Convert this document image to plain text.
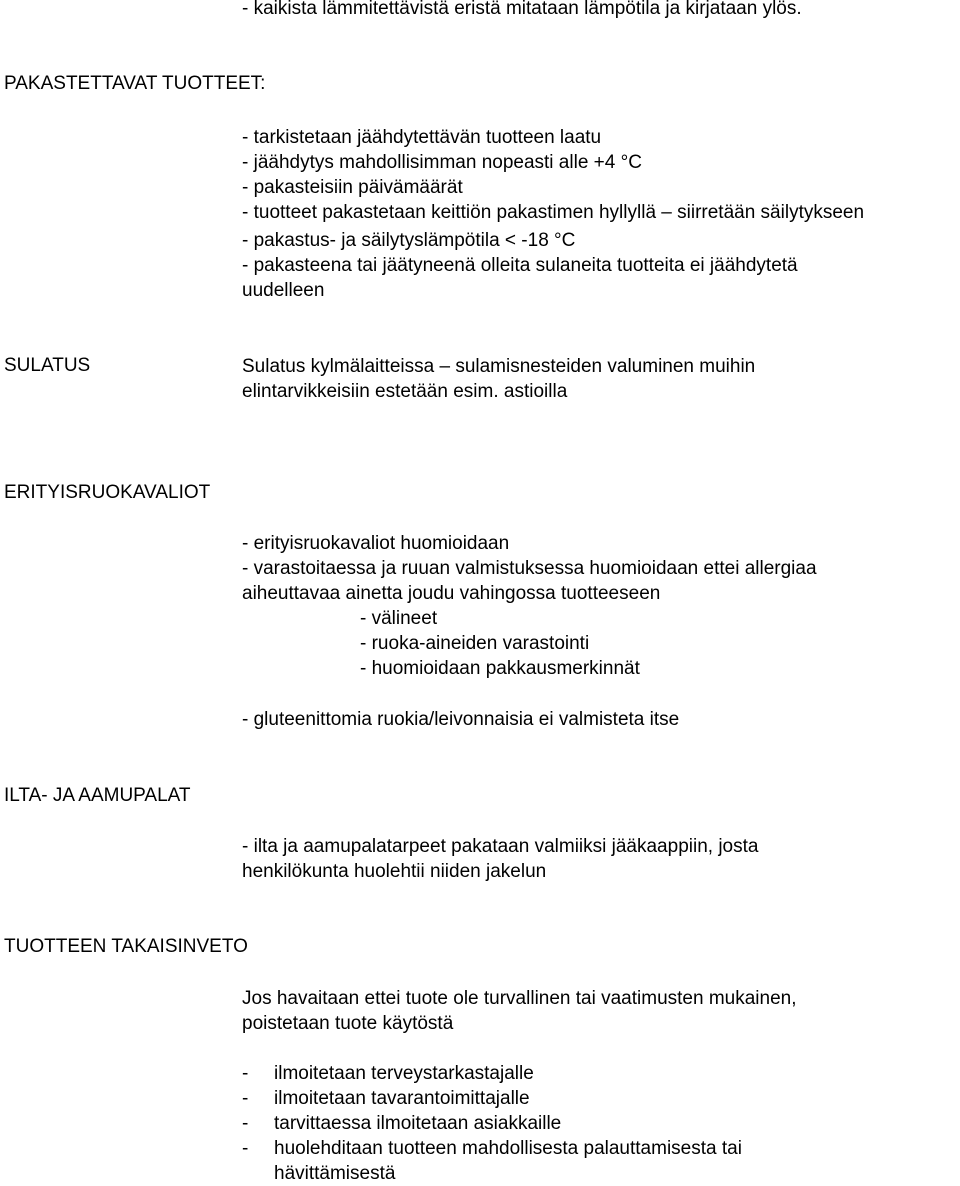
- kaikista lämmitettävistä eristä mitataan lämpötila ja kirjataan ylös.
PAKASTETTAVAT TUOTTEET:
- tarkistetaan jäähdytettävän tuotteen laatu
- jäähdytys mahdollisimman nopeasti alle +4 °C
- pakasteisiin päivämäärät
- tuotteet pakastetaan keittiön pakastimen hyllyllä – siirretään säilytykseen
- pakastus- ja säilytyslämpötila < -18 °C
- pakasteena tai jäätyneenä olleita sulaneita tuotteita ei jäähdytetä
uudelleen
SULATUS	Sulatus kylmälaitteissa – sulamisnesteiden valuminen muihin
elintarvikkeisiin estetään esim. astioilla
ERITYISRUOKAVALIOT
- erityisruokavaliot huomioidaan
- varastoitaessa ja ruuan valmistuksessa huomioidaan ettei allergiaa
aiheuttavaa ainetta joudu vahingossa tuotteeseen
- välineet
- ruoka-aineiden varastointi
- huomioidaan pakkausmerkinnät
- gluteenittomia ruokia/leivonnaisia ei valmisteta itse
ILTA- JA AAMUPALAT
- ilta ja aamupalatarpeet pakataan valmiiksi jääkaappiin, josta
henkilökunta huolehtii niiden jakelun
TUOTTEEN TAKAISINVETO
Jos havaitaan ettei tuote ole turvallinen tai vaatimusten mukainen,
poistetaan tuote käytöstä
- ilmoitetaan terveystarkastajalle
- ilmoitetaan tavarantoimittajalle
- tarvittaessa ilmoitetaan asiakkaille
- huolehditaan tuotteen mahdollisesta palauttamisesta tai
hävittämisestä
